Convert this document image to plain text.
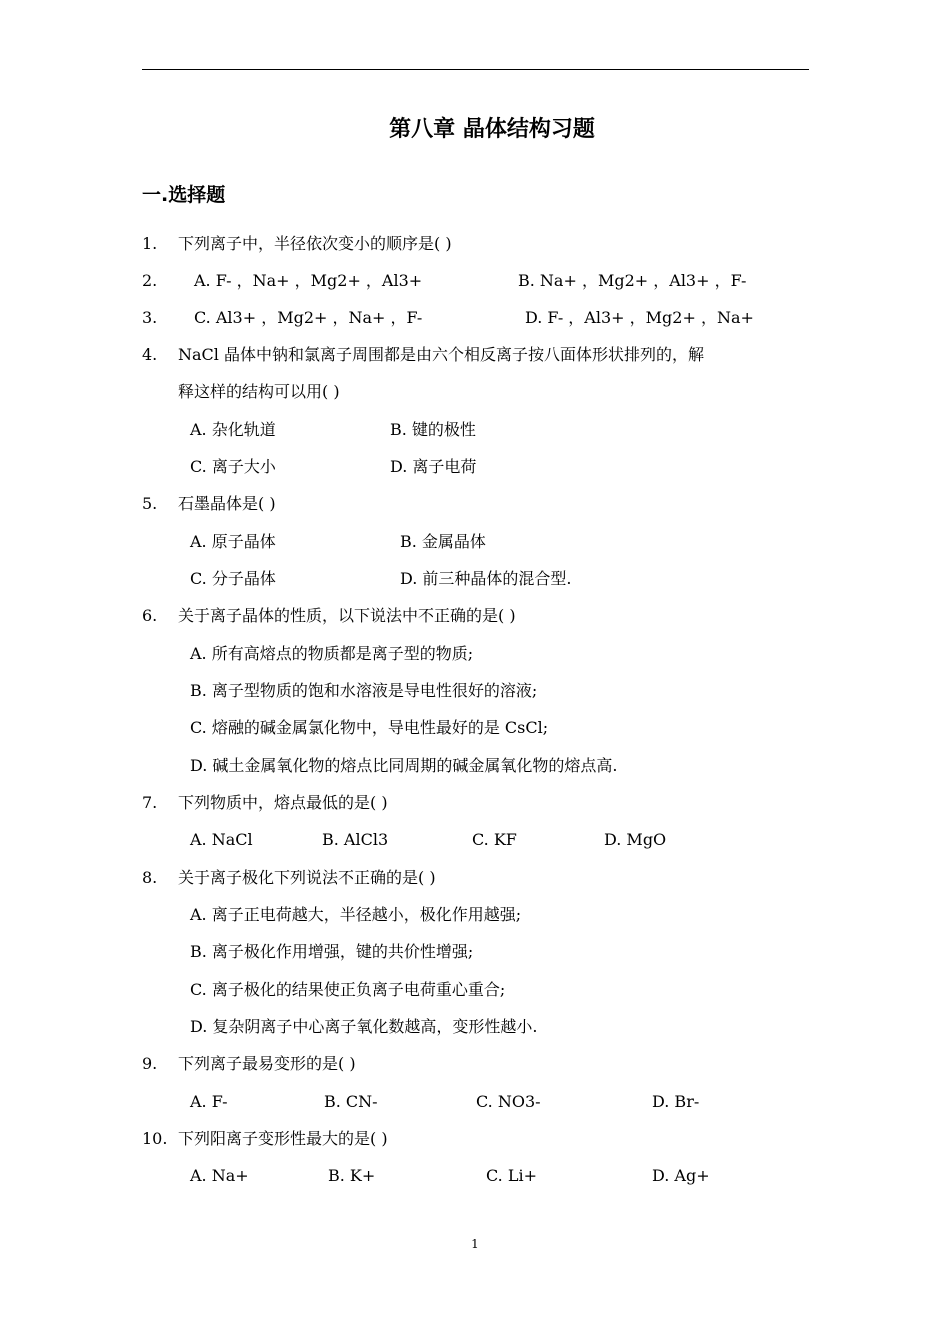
第八章 晶体结构习题
一.选择题
1. 下列离子中，半径依次变小的顺序是( )
2. A. F- ，Na+ ，Mg2+ ，Al3+	B. Na+ ，Mg2+ ，Al3+ ，F-
3. C. Al3+ ，Mg2+ ，Na+ ，F-	D. F- ，Al3+ ，Mg2+ ，Na+
4. NaCl 晶体中钠和氯离子周围都是由六个相反离子按八面体形状排列的，解
释这样的结构可以用( )
A. 杂化轨道	B. 键的极性
C. 离子大小	D. 离子电荷
5. 石墨晶体是( )
A. 原子晶体	B. 金属晶体
C. 分子晶体	D. 前三种晶体的混合型.
6. 关于离子晶体的性质，以下说法中不正确的是( )
A. 所有高熔点的物质都是离子型的物质;
B. 离子型物质的饱和水溶液是导电性很好的溶液;
C. 熔融的碱金属氯化物中，导电性最好的是 CsCl;
D. 碱土金属氧化物的熔点比同周期的碱金属氧化物的熔点高.
7. 下列物质中，熔点最低的是( )
A. NaCl	B. AlCl3	C. KF	D. MgO
8. 关于离子极化下列说法不正确的是( )
A. 离子正电荷越大，半径越小，极化作用越强;
B. 离子极化作用增强，键的共价性增强;
C. 离子极化的结果使正负离子电荷重心重合;
D. 复杂阴离子中心离子氧化数越高，变形性越小.
9. 下列离子最易变形的是( )
A. F-	B. CN-	C. NO3-	D. Br-
10. 下列阳离子变形性最大的是( )
A. Na+	B. K+	C. Li+	D. Ag+
1
